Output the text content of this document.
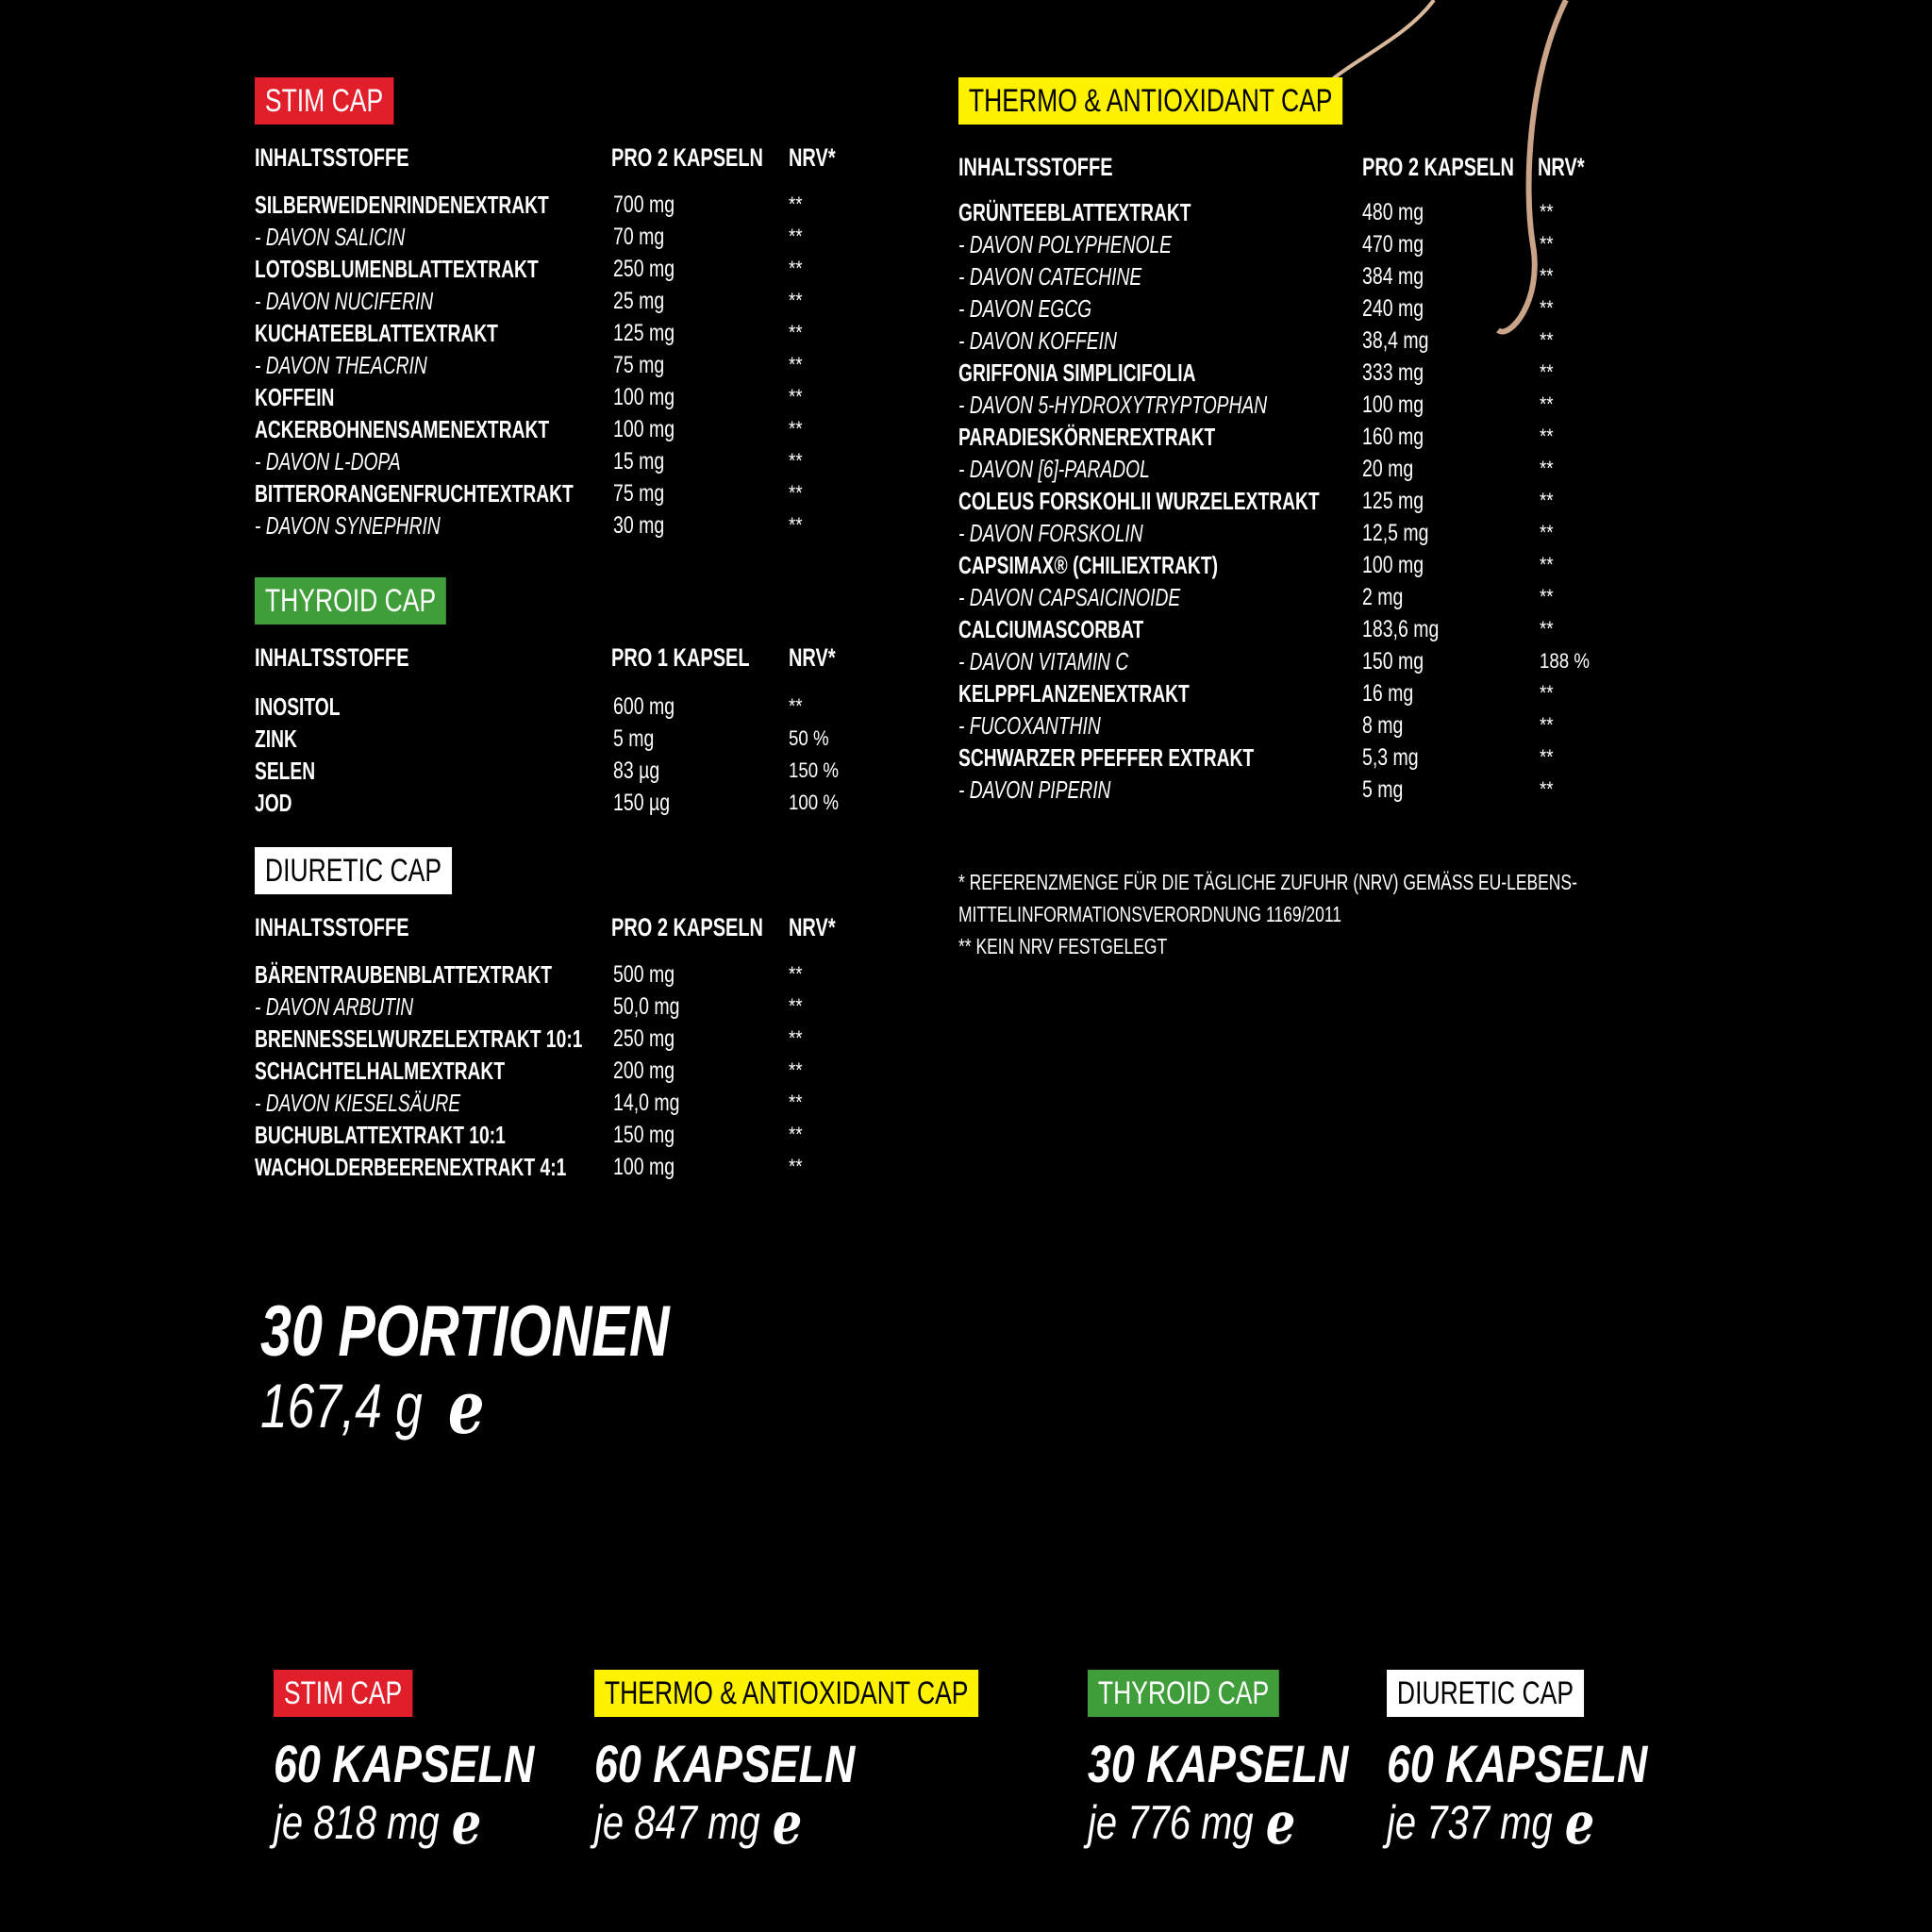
STIM CAP
INHALTSSTOFFE	PRO 2 KAPSELN NRV*
SILBERWEIDENRINDENEXTRAKT	700 mg	**
- DAVON SALICIN	70 mg	**
LOTOSBLUMENBLATTEXTRAKT	250 mg	**
- DAVON NUCIFERIN	25 mg	**
KUCHATEEBLATTEXTRAKT	125 mg	**
- DAVON THEACRIN	75 mg	**
KOFFEIN	100 mg	**
ACKERBOHNENSAMENEXTRAKT	100 mg	**
- DAVON L-DOPA	15 mg	**
BITTERORANGENFRUCHTEXTRAKT 75 mg	**
- DAVON SYNEPHRIN	30 mg	**
THYROID CAP
INHALTSSTOFFE	PRO 1 KAPSEL NRV*
INOSITOL	600 mg	**
ZINK	5 mg	50 %
SELEN	83 µg	150 %
JOD	150 µg	100 %
DIURETIC CAP
INHALTSSTOFFE	PRO 2 KAPSELN NRV*
BÄRENTRAUBENBLATTEXTRAKT	500 mg	**
- DAVON ARBUTIN	50,0 mg	**
BRENNESSELWURZELEXTRAKT 10:1 250 mg	**
SCHACHTELHALMEXTRAKT	200 mg	**
- DAVON KIESELSÄURE	14,0 mg	**
BUCHUBLATTEXTRAKT 10:1	150 mg	**
WACHOLDERBEERENEXTRAKT 4:1 100 mg	**
THERMO & ANTIOXIDANT CAP
INHALTSSTOFFE	PRO 2 KAPSELN NRV*
GRÜNTEEBLATTEXTRAKT	480 mg	**
- DAVON POLYPHENOLE	470 mg	**
- DAVON CATECHINE	384 mg	**
- DAVON EGCG	240 mg	**
- DAVON KOFFEIN	38,4 mg	**
GRIFFONIA SIMPLICIFOLIA	333 mg	**
- DAVON 5-HYDROXYTRYPTOPHAN	100 mg	**
PARADIESKÖRNEREXTRAKT	160 mg	**
- DAVON [6]-PARADOL	20 mg	**
COLEUS FORSKOHLII WURZELEXTRAKT 125 mg	**
- DAVON FORSKOLIN	12,5 mg	**
CAPSIMAX® (CHILIEXTRAKT)	100 mg	**
- DAVON CAPSAICINOIDE	2 mg	**
CALCIUMASCORBAT	183,6 mg	**
- DAVON VITAMIN C	150 mg	188 %
KELPPFLANZENEXTRAKT	16 mg	**
- FUCOXANTHIN	8 mg	**
SCHWARZER PFEFFER EXTRAKT	5,3 mg	**
- DAVON PIPERIN	5 mg	**
* REFERENZMENGE FÜR DIE TÄGLICHE ZUFUHR (NRV) GEMÄSS EU-LEBENS-
MITTELINFORMATIONSVERORDNUNG 1169/2011
** KEIN NRV FESTGELEGT
30 PORTIONEN
167,4 g e
STIM CAP
60 KAPSELN
je 818 mg e
THERMO & ANTIOXIDANT CAP
60 KAPSELN
je 847 mg e
THYROID CAP
30 KAPSELN
je 776 mg e
DIURETIC CAP
60 KAPSELN
je 737 mg e
